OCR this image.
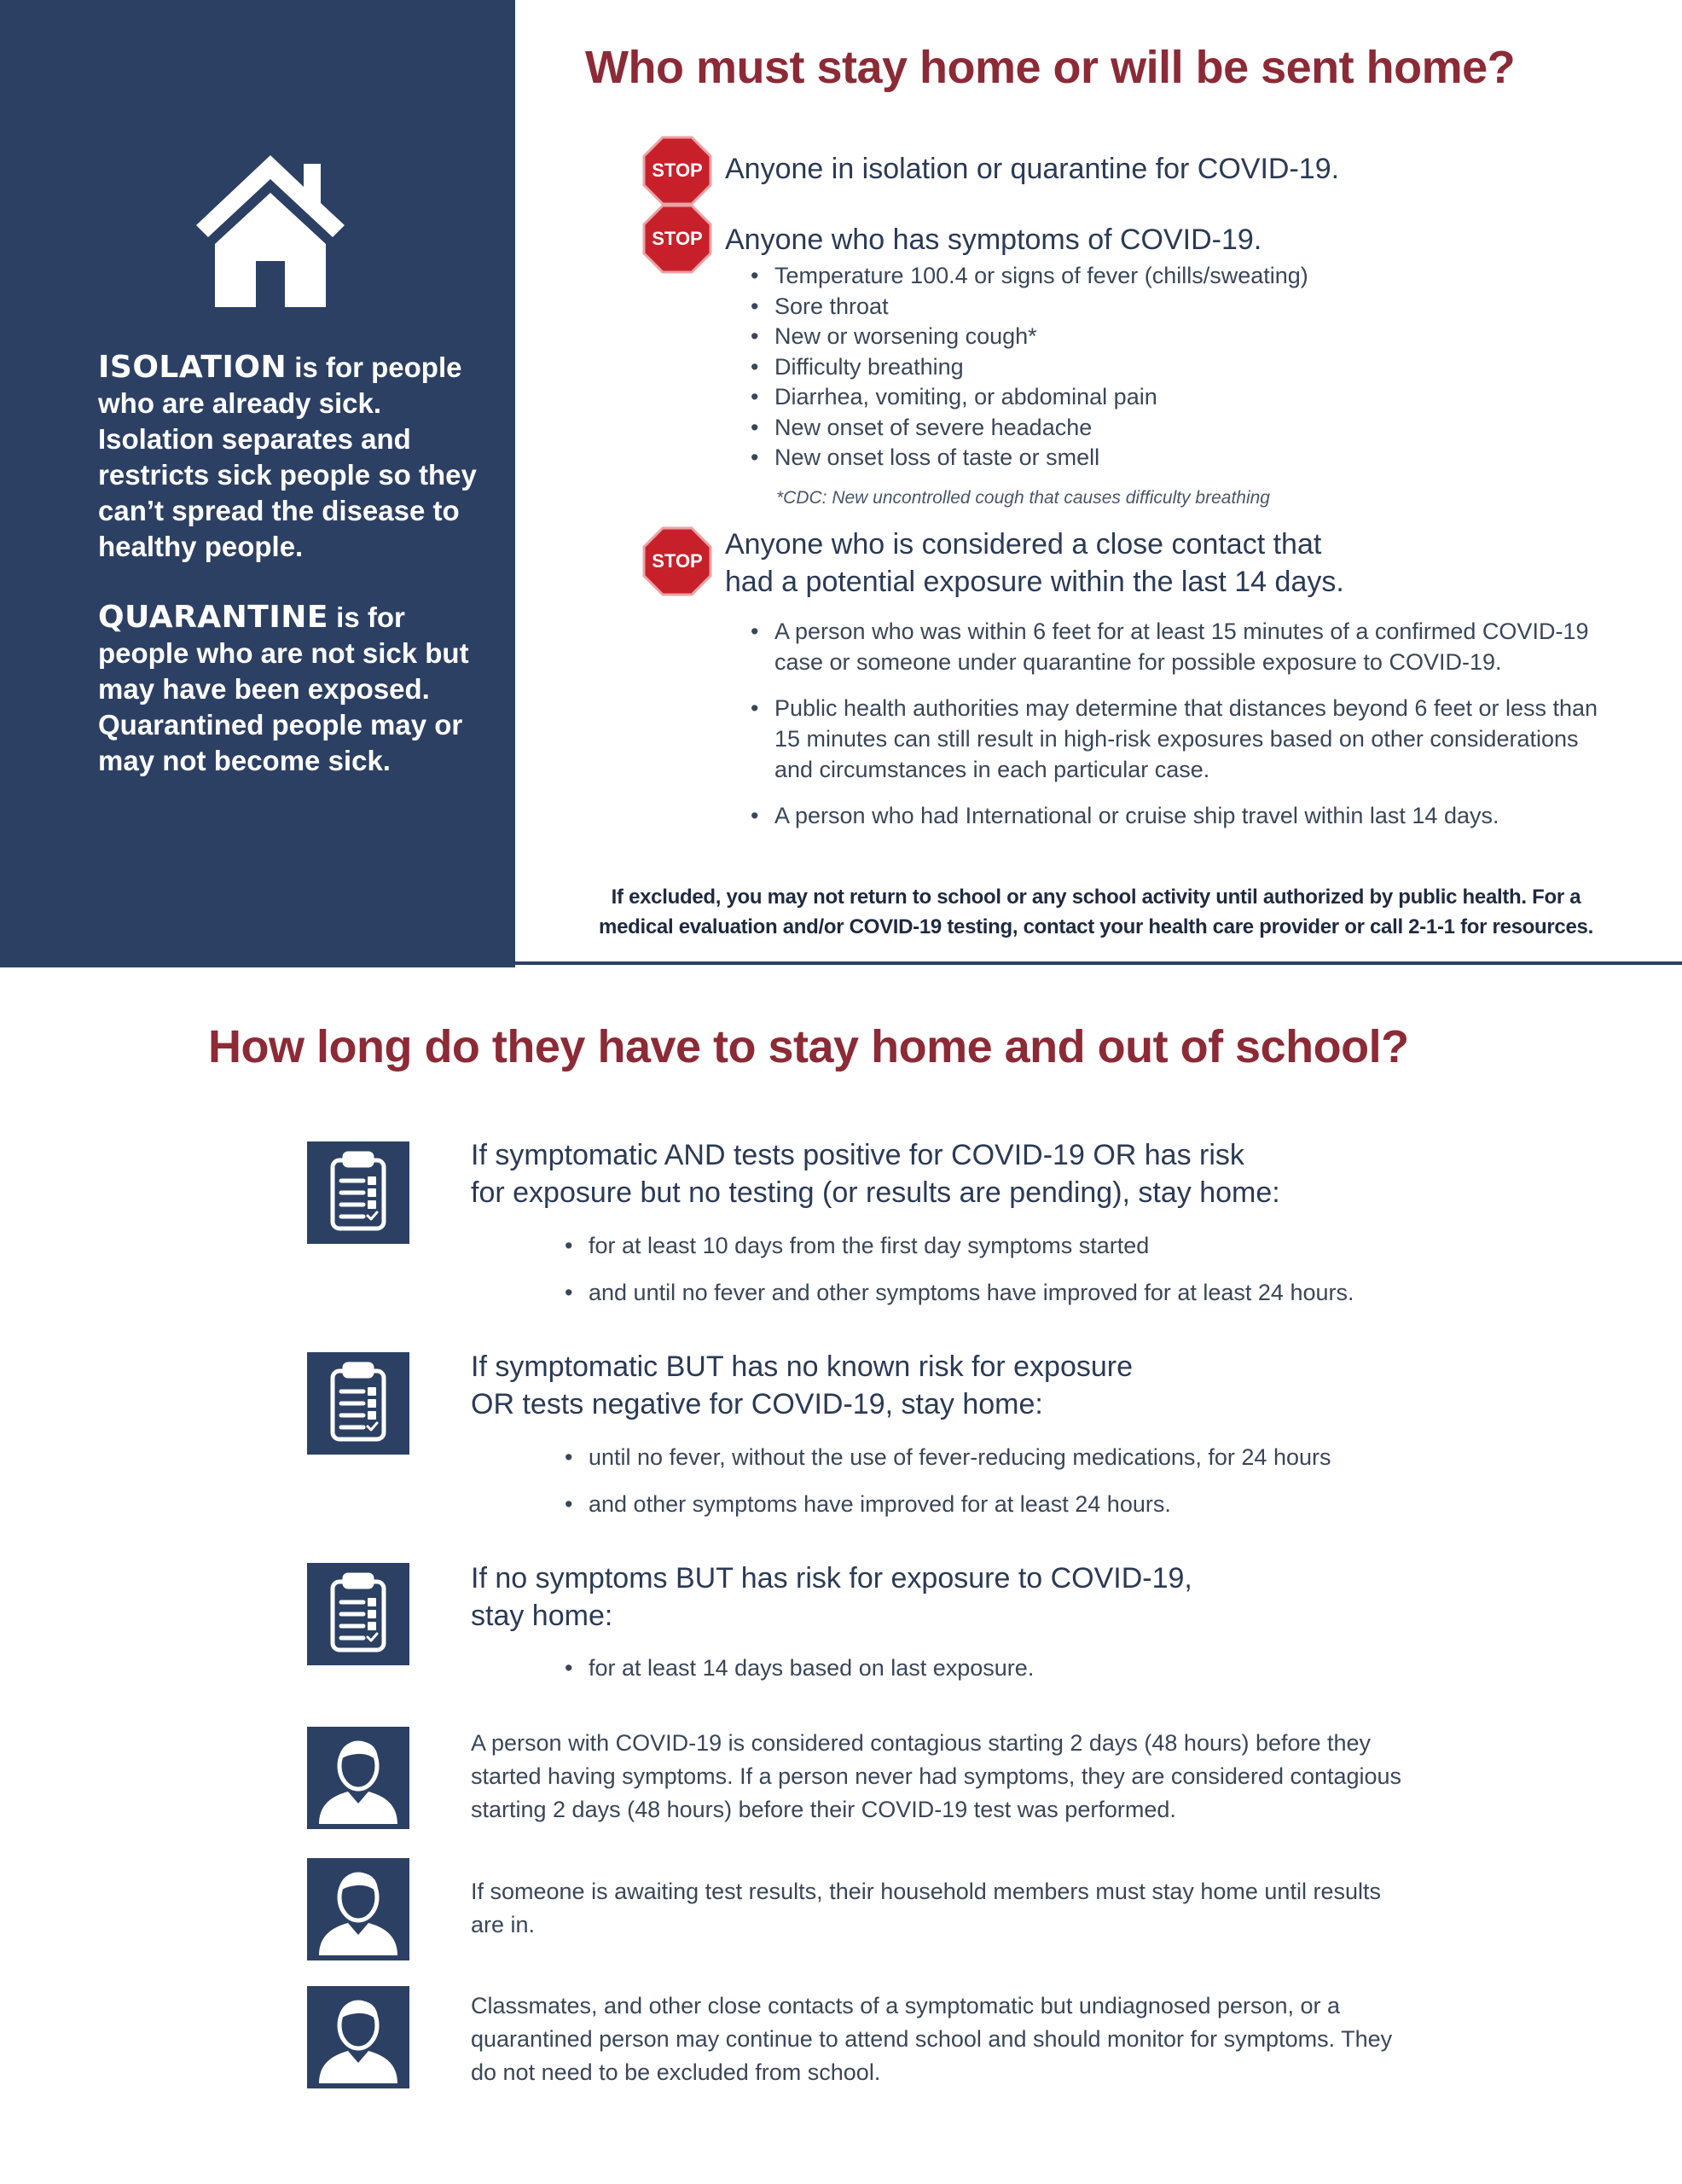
ISOLATION is for people who are already sick. Isolation separates and restricts sick people so they can’t spread the disease to healthy people.
QUARANTINE is for people who are not sick but may have been exposed. Quarantined people may or may not become sick.
Who must stay home or will be sent home?
STOP Anyone in isolation or quarantine for COVID-19.
STOP Anyone who has symptoms of COVID-19.
• Temperature 100.4 or signs of fever (chills/sweating)
• Sore throat
• New or worsening cough*
• Difficulty breathing
• Diarrhea, vomiting, or abdominal pain
• New onset of severe headache
• New onset loss of taste or smell
*CDC: New uncontrolled cough that causes difficulty breathing
STOP
Anyone who is considered a close contact that
had a potential exposure within the last 14 days.
• A person who was within 6 feet for at least 15 minutes of a confirmed COVID-19 case or someone under quarantine for possible exposure to COVID-19.
• Public health authorities may determine that distances beyond 6 feet or less than 15 minutes can still result in high-risk exposures based on other considerations and circumstances in each particular case.
• A person who had International or cruise ship travel within last 14 days.
If excluded, you may not return to school or any school activity until authorized by public health. For a
medical evaluation and/or COVID-19 testing, contact your health care provider or call 2-1-1 for resources.
How long do they have to stay home and out of school?
If symptomatic AND tests positive for COVID-19 OR has risk
for exposure but no testing (or results are pending), stay home:
• for at least 10 days from the first day symptoms started
• and until no fever and other symptoms have improved for at least 24 hours.
If symptomatic BUT has no known risk for exposure
OR tests negative for COVID-19, stay home:
• until no fever, without the use of fever-reducing medications, for 24 hours
• and other symptoms have improved for at least 24 hours.
If no symptoms BUT has risk for exposure to COVID-19,
stay home:
• for at least 14 days based on last exposure.
A person with COVID-19 is considered contagious starting 2 days (48 hours) before they started having symptoms. If a person never had symptoms, they are considered contagious starting 2 days (48 hours) before their COVID-19 test was performed.
If someone is awaiting test results, their household members must stay home until results are in.
Classmates, and other close contacts of a symptomatic but undiagnosed person, or a quarantined person may continue to attend school and should monitor for symptoms. They do not need to be excluded from school.
